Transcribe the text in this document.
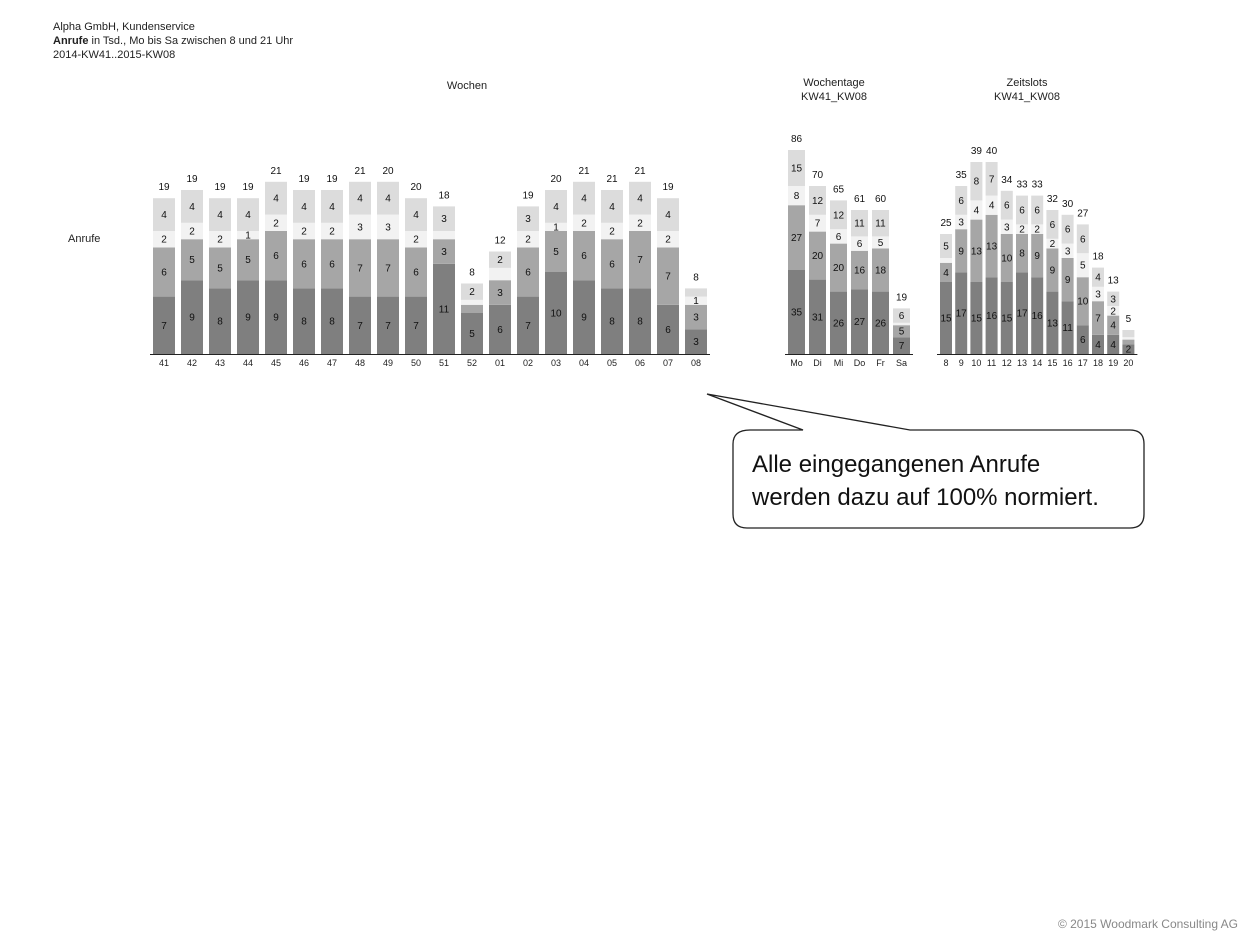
Alpha GmbH, Kundenservice
Anrufe in Tsd., Mo bis Sa zwischen 8 und 21 Uhr
2014-KW41..2015-KW08
Wochen	Wochentage
KW41_KW08
Zeitslots
KW41_KW08
Anrufe
7
6
2
4
19
41
9
5
2
4
19
42
8
5
2
4
19
43
9
5
1
4
19
44
9
6
2
4
21
45
8
6
2
4
19
46
8
6
2
4
19
47
7
7
3
4
21
48
7
7
3
4
20
49
7
6
2
4
20
50
11
3
3
18
51
5
2
8
52
6
3
2
12
01
7
6
2
3
19
02
10
5
1
4
20
03
9
6
2
4
21
04
8
6
2
4
21
05
8
7
2
4
21
06
6
7
2
4
19
07
3
3
1
8
08
35
27
8
15
86
Mo
31
20
7
12
70
Di
26
20
6
12
65
Mi
27
16
6
11
61
Do
26
18
5
11
60
Fr
7
5
6
19
Sa
15
4
5
25
8
17
9
3
6
35
9
15
13
4
8
39
10
16
13
4
7
40
11
15
10
3
6
34
12
17
8
2
6
33
13
16
9
2
6
33
14
13
9
2
6
32
15
11
9
3
6
30
16
6
10
5
6
27
17
4
7
3
4
18
18
4
4
2
3
13
19
2
5
20
Alle eingegangenen Anrufe
werden dazu auf 100% normiert.
© 2015 Woodmark Consulting AG
